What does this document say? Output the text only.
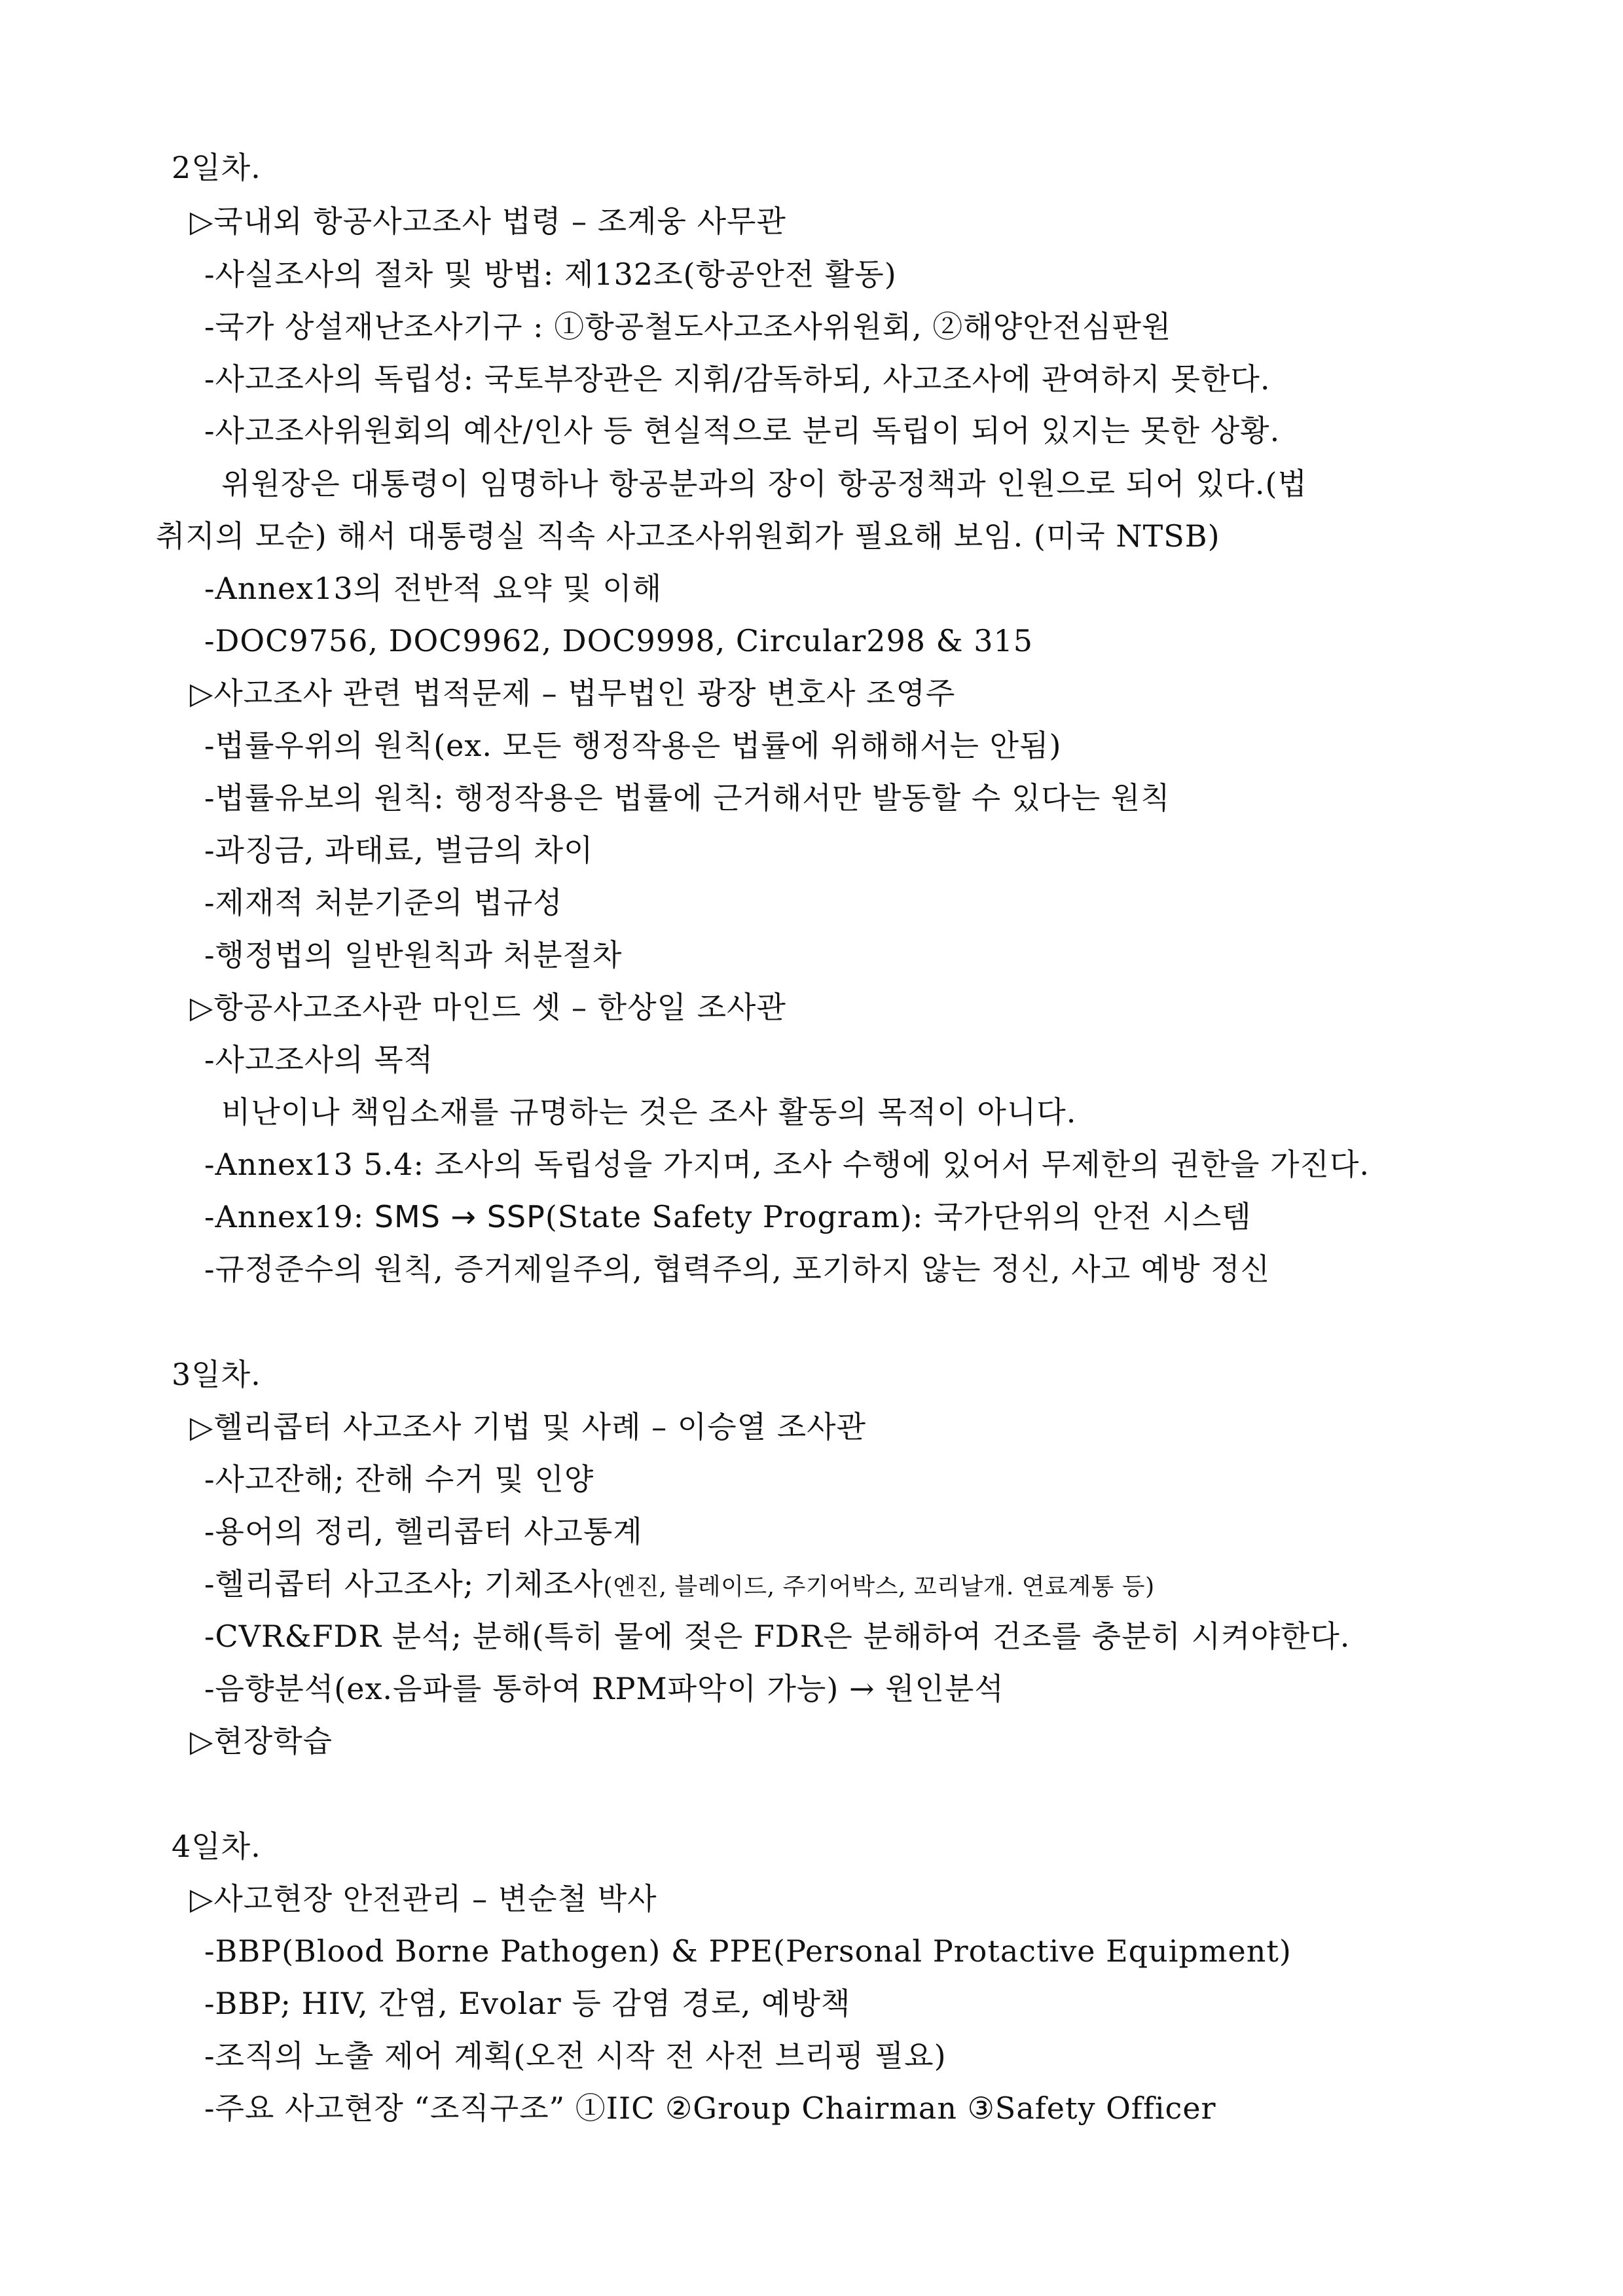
2일차.
▷국내외 항공사고조사 법령 – 조계웅 사무관
-사실조사의 절차 및 방법: 제132조(항공안전 활동)
-국가 상설재난조사기구 : ①항공철도사고조사위원회, ②해양안전심판원
-사고조사의 독립성: 국토부장관은 지휘/감독하되, 사고조사에 관여하지 못한다.
-사고조사위원회의 예산/인사 등 현실적으로 분리 독립이 되어 있지는 못한 상황.
위원장은 대통령이 임명하나 항공분과의 장이 항공정책과 인원으로 되어 있다.(법
취지의 모순) 해서 대통령실 직속 사고조사위원회가 필요해 보임. (미국 NTSB)
-Annex13의 전반적 요약 및 이해
-DOC9756, DOC9962, DOC9998, Circular298 & 315
▷사고조사 관련 법적문제 – 법무법인 광장 변호사 조영주
-법률우위의 원칙(ex. 모든 행정작용은 법률에 위해해서는 안됨)
-법률유보의 원칙: 행정작용은 법률에 근거해서만 발동할 수 있다는 원칙
-과징금, 과태료, 벌금의 차이
-제재적 처분기준의 법규성
-행정법의 일반원칙과 처분절차
▷항공사고조사관 마인드 셋 – 한상일 조사관
-사고조사의 목적
비난이나 책임소재를 규명하는 것은 조사 활동의 목적이 아니다.
-Annex13 5.4: 조사의 독립성을 가지며, 조사 수행에 있어서 무제한의 권한을 가진다.
-Annex19: SMS → SSP(State Safety Program): 국가단위의 안전 시스템
-규정준수의 원칙, 증거제일주의, 협력주의, 포기하지 않는 정신, 사고 예방 정신
3일차.
▷헬리콥터 사고조사 기법 및 사례 – 이승열 조사관
-사고잔해; 잔해 수거 및 인양
-용어의 정리, 헬리콥터 사고통계
-헬리콥터 사고조사; 기체조사(엔진, 블레이드, 주기어박스, 꼬리날개. 연료계통 등)
-CVR&FDR 분석; 분해(특히 물에 젖은 FDR은 분해하여 건조를 충분히 시켜야한다.
-음향분석(ex.음파를 통하여 RPM파악이 가능) → 원인분석
▷현장학습
4일차.
▷사고현장 안전관리 – 변순철 박사
-BBP(Blood Borne Pathogen) & PPE(Personal Protactive Equipment)
-BBP; HIV, 간염, Evolar 등 감염 경로, 예방책
-조직의 노출 제어 계획(오전 시작 전 사전 브리핑 필요)
-주요 사고현장 “조직구조” ①IIC ②Group Chairman ③Safety Officer
